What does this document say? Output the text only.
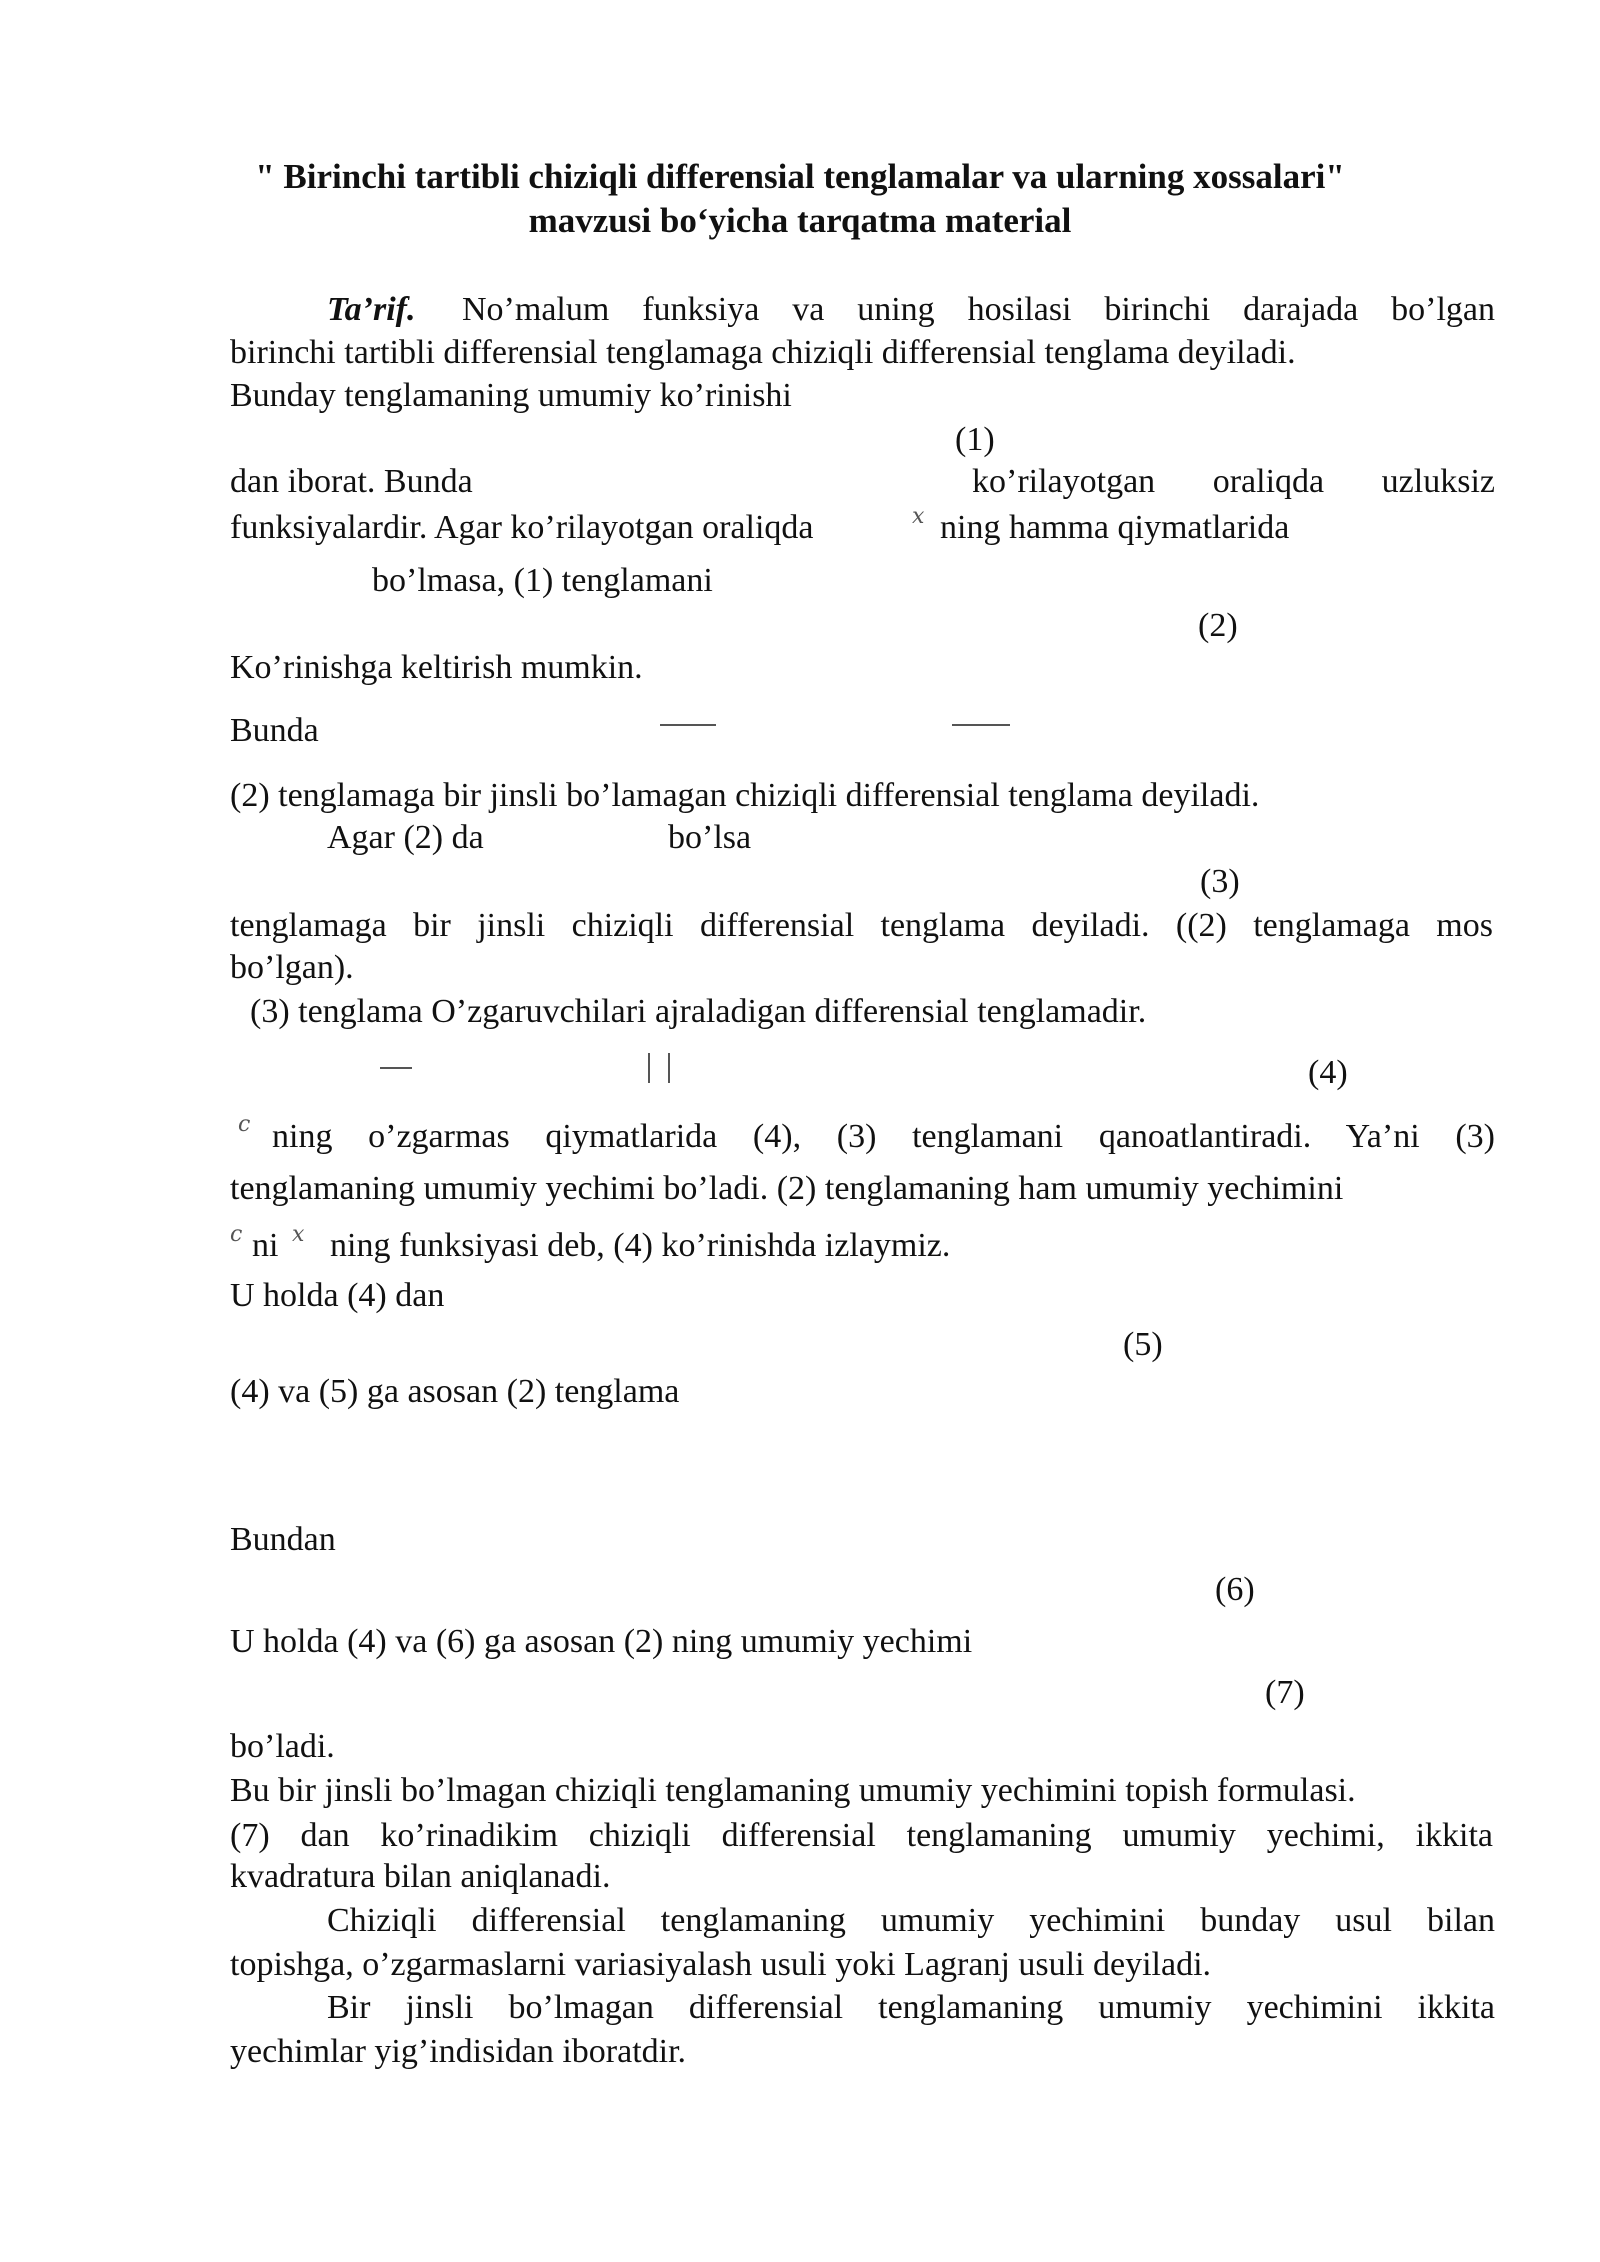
" Birinchi tartibli chiziqli differensial tenglamalar va ularning xossalari"
mavzusi bo‘yicha tarqatma material
Ta’rif. No’malum funksiya va uning hosilasi birinchi darajada bo’lgan
birinchi tartibli differensial tenglamaga chiziqli differensial tenglama deyiladi.
Bunday tenglamaning umumiy ko’rinishi
(1)
dan iborat. Bunda	ko’rilayotgan oraliqda uzluksiz
funksiyalardir. Agar ko’rilayotgan oraliqda	x ning hamma qiymatlarida
bo’lmasa, (1) tenglamani
(2)
Ko’rinishga keltirish mumkin.
Bunda
(2) tenglamaga bir jinsli bo’lamagan chiziqli differensial tenglama deyiladi.
Agar (2) da	bo’lsa
(3)
tenglamaga bir jinsli chiziqli differensial tenglama deyiladi. ((2) tenglamaga mos
bo’lgan).
(3) tenglama O’zgaruvchilari ajraladigan differensial tenglamadir.
(4)
c ning o’zgarmas qiymatlarida (4), (3) tenglamani qanoatlantiradi. Ya’ni (3)
tenglamaning umumiy yechimi bo’ladi. (2) tenglamaning ham umumiy yechimini
c ni x ning funksiyasi deb, (4) ko’rinishda izlaymiz.
U holda (4) dan
(5)
(4) va (5) ga asosan (2) tenglama
Bundan
(6)
U holda (4) va (6) ga asosan (2) ning umumiy yechimi
(7)
bo’ladi.
Bu bir jinsli bo’lmagan chiziqli tenglamaning umumiy yechimini topish formulasi.
(7) dan ko’rinadikim chiziqli differensial tenglamaning umumiy yechimi, ikkita
kvadratura bilan aniqlanadi.
Chiziqli differensial tenglamaning umumiy yechimini bunday usul bilan
topishga, o’zgarmaslarni variasiyalash usuli yoki Lagranj usuli deyiladi.
Bir jinsli bo’lmagan differensial tenglamaning umumiy yechimini ikkita
yechimlar yig’indisidan iboratdir.
